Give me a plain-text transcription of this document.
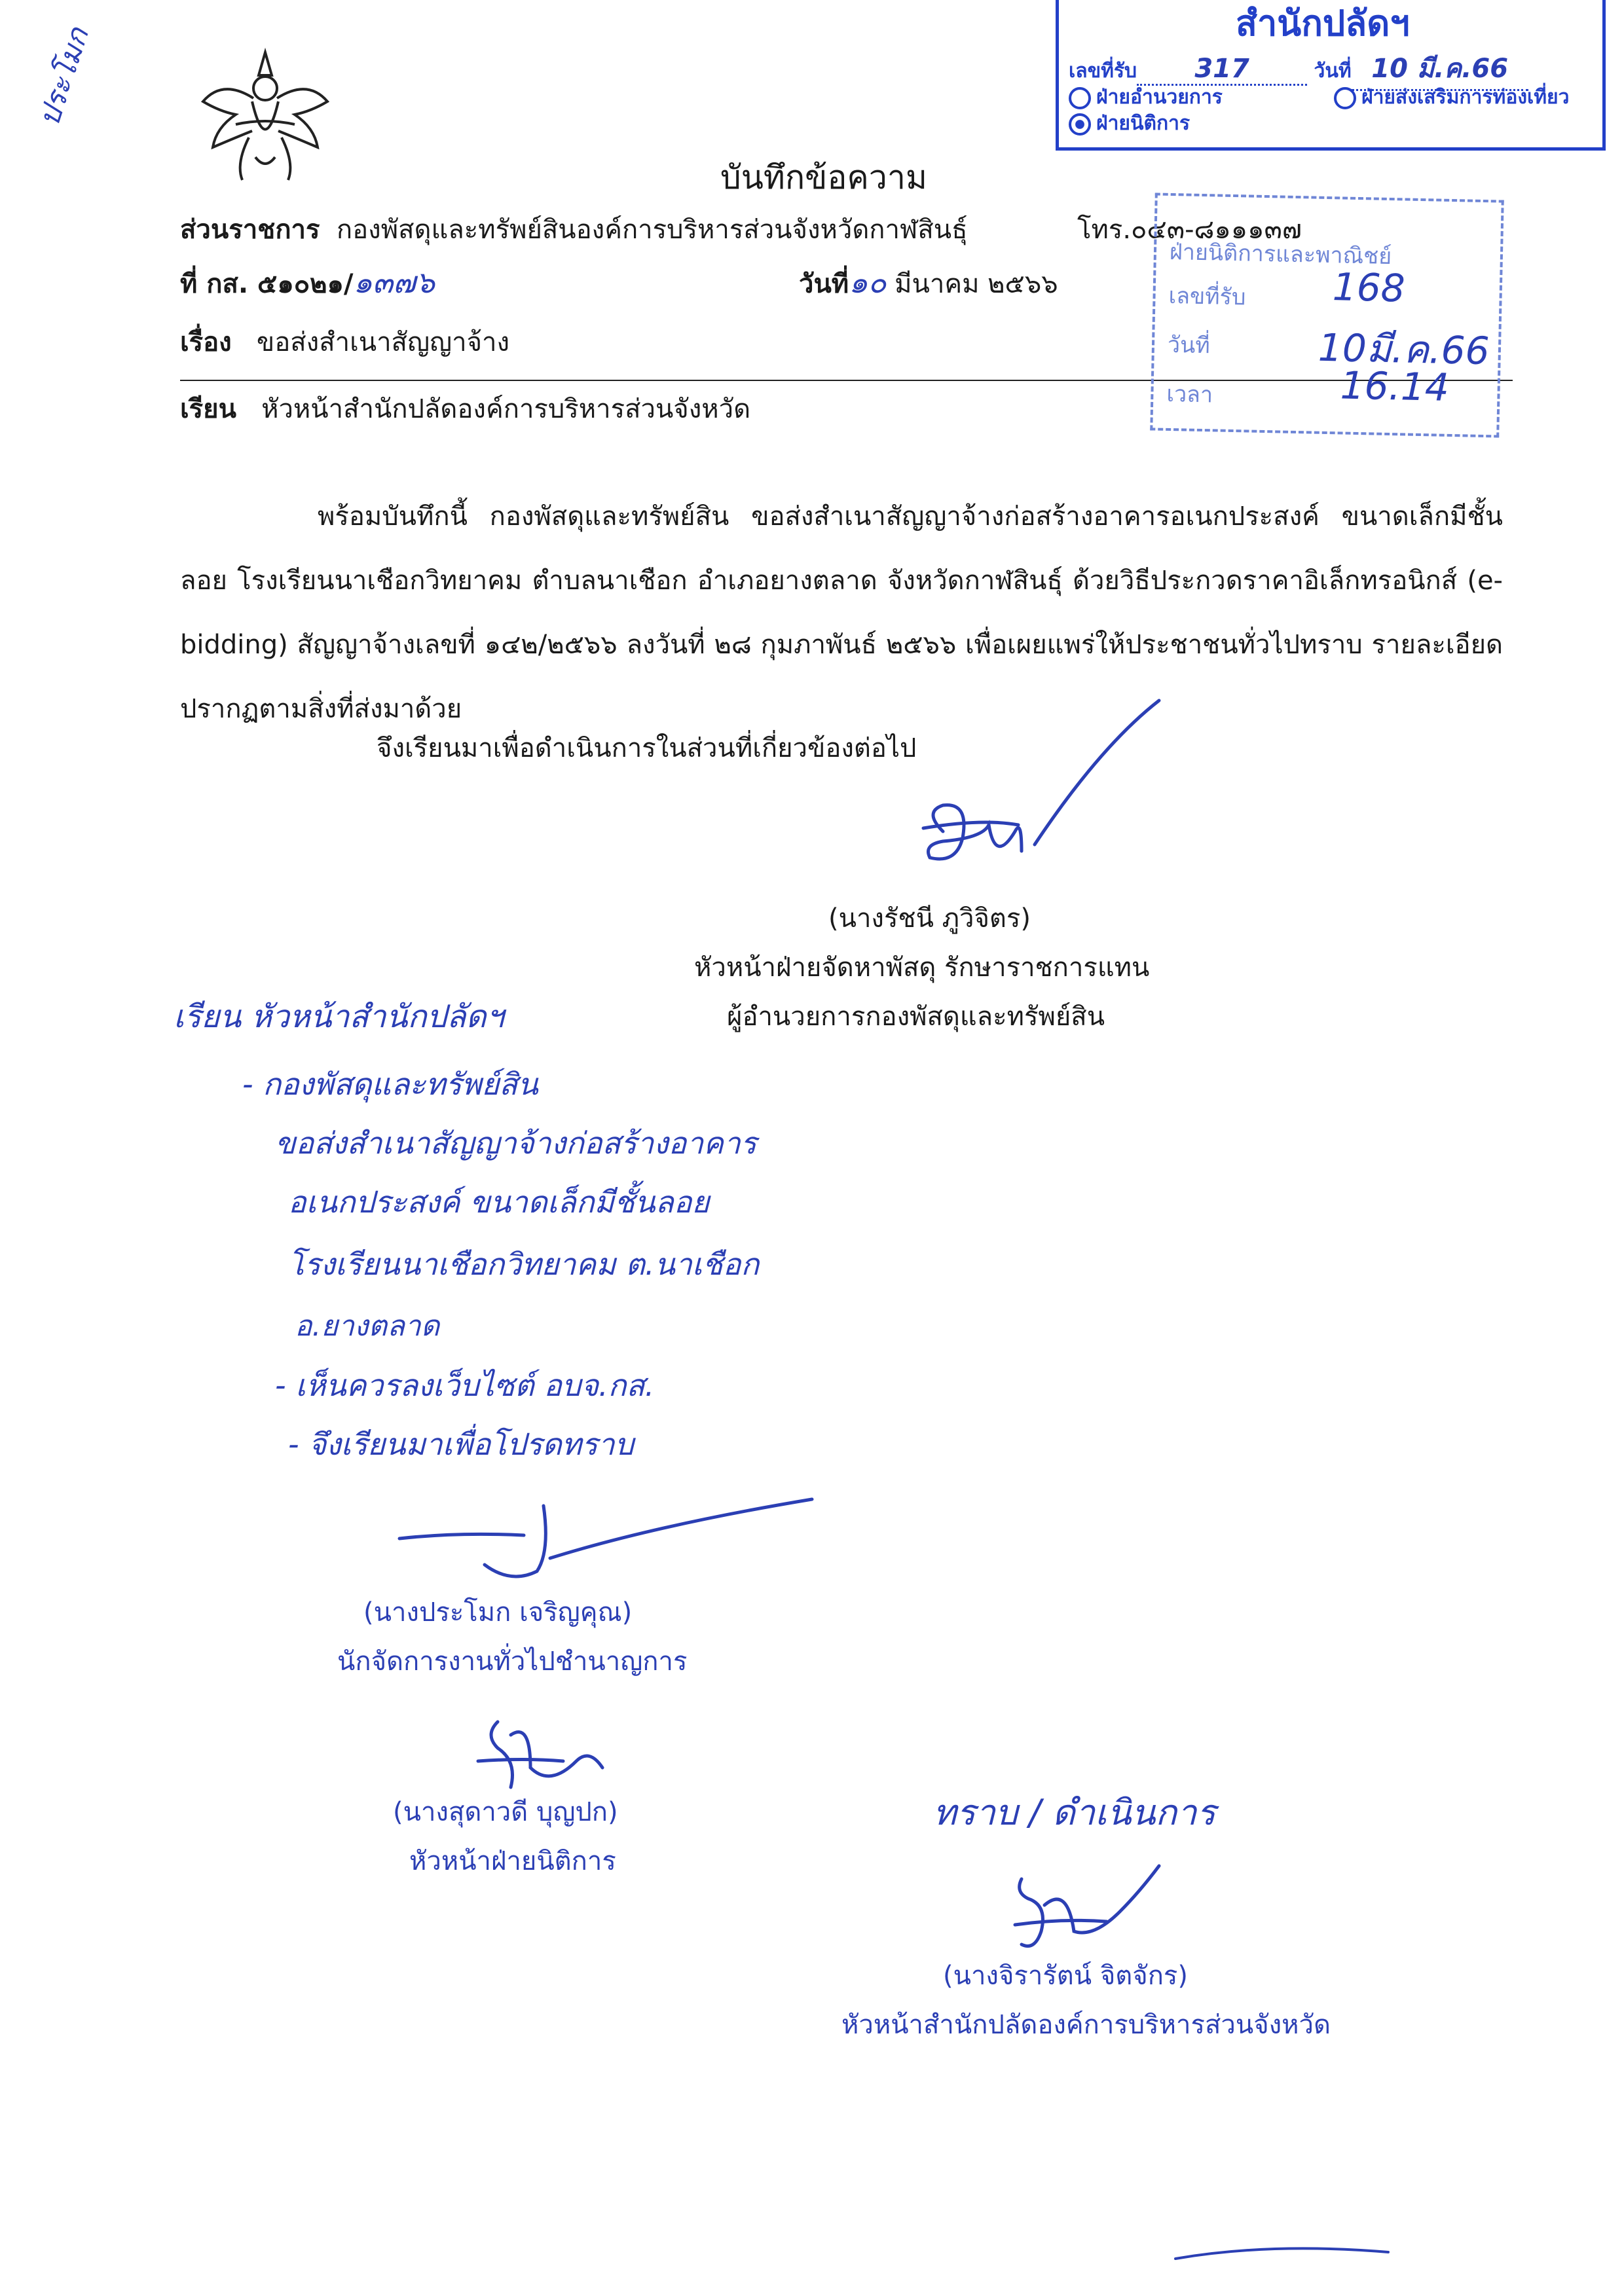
ประโมก
สำนักปลัดฯ
เลขที่รับ 317	วันที่ 10 มี.ค.66
ฝ่ายอำนวยการ	ฝ่ายส่งเสริมการท่องเที่ยว
ฝ่ายนิติการ
บันทึกข้อความ
ส่วนราชการ กองพัสดุและทรัพย์สินองค์การบริหารส่วนจังหวัดกาฬสินธุ์	โทร.๐๔๓-๘๑๑๑๓๗
ที่ กส. ๕๑๐๒๑/๑๓๗๖	วันที่๑๐ มีนาคม ๒๕๖๖
เรื่อง ขอส่งสำเนาสัญญาจ้าง
เรียน หัวหน้าสำนักปลัดองค์การบริหารส่วนจังหวัด
ฝ่ายนิติการและพาณิชย์
เลขที่รับ 168
วันที่	10มี.ค.66
เวลา	16.14
พร้อมบันทึกนี้ กองพัสดุและทรัพย์สิน ขอส่งสำเนาสัญญาจ้างก่อสร้างอาคารอเนกประสงค์ ขนาดเล็กมีชั้นลอย โรงเรียนนาเชือกวิทยาคม ตำบลนาเชือก อำเภอยางตลาด จังหวัดกาฬสินธุ์ ด้วยวิธีประกวดราคาอิเล็กทรอนิกส์ (e-bidding) สัญญาจ้างเลขที่ ๑๔๒/๒๕๖๖ ลงวันที่ ๒๘ กุมภาพันธ์ ๒๕๖๖ เพื่อเผยแพร่ให้ประชาชนทั่วไปทราบ รายละเอียดปรากฏตามสิ่งที่ส่งมาด้วย
จึงเรียนมาเพื่อดำเนินการในส่วนที่เกี่ยวข้องต่อไป
(นางรัชนี ภูวิจิตร)
หัวหน้าฝ่ายจัดหาพัสดุ รักษาราชการแทน
ผู้อำนวยการกองพัสดุและทรัพย์สิน
เรียน หัวหน้าสำนักปลัดฯ
- กองพัสดุและทรัพย์สิน
ขอส่งสำเนาสัญญาจ้างก่อสร้างอาคาร
อเนกประสงค์ ขนาดเล็กมีชั้นลอย
โรงเรียนนาเชือกวิทยาคม ต.นาเชือก
อ.ยางตลาด
- เห็นควรลงเว็บไซต์ อบจ.กส.
- จึงเรียนมาเพื่อโปรดทราบ
(นางประโมก เจริญคุณ)
นักจัดการงานทั่วไปชำนาญการ
(นางสุดาวดี บุญปก)
หัวหน้าฝ่ายนิติการ
ทราบ / ดำเนินการ
(นางจิรารัตน์ จิตจักร)
หัวหน้าสำนักปลัดองค์การบริหารส่วนจังหวัด
